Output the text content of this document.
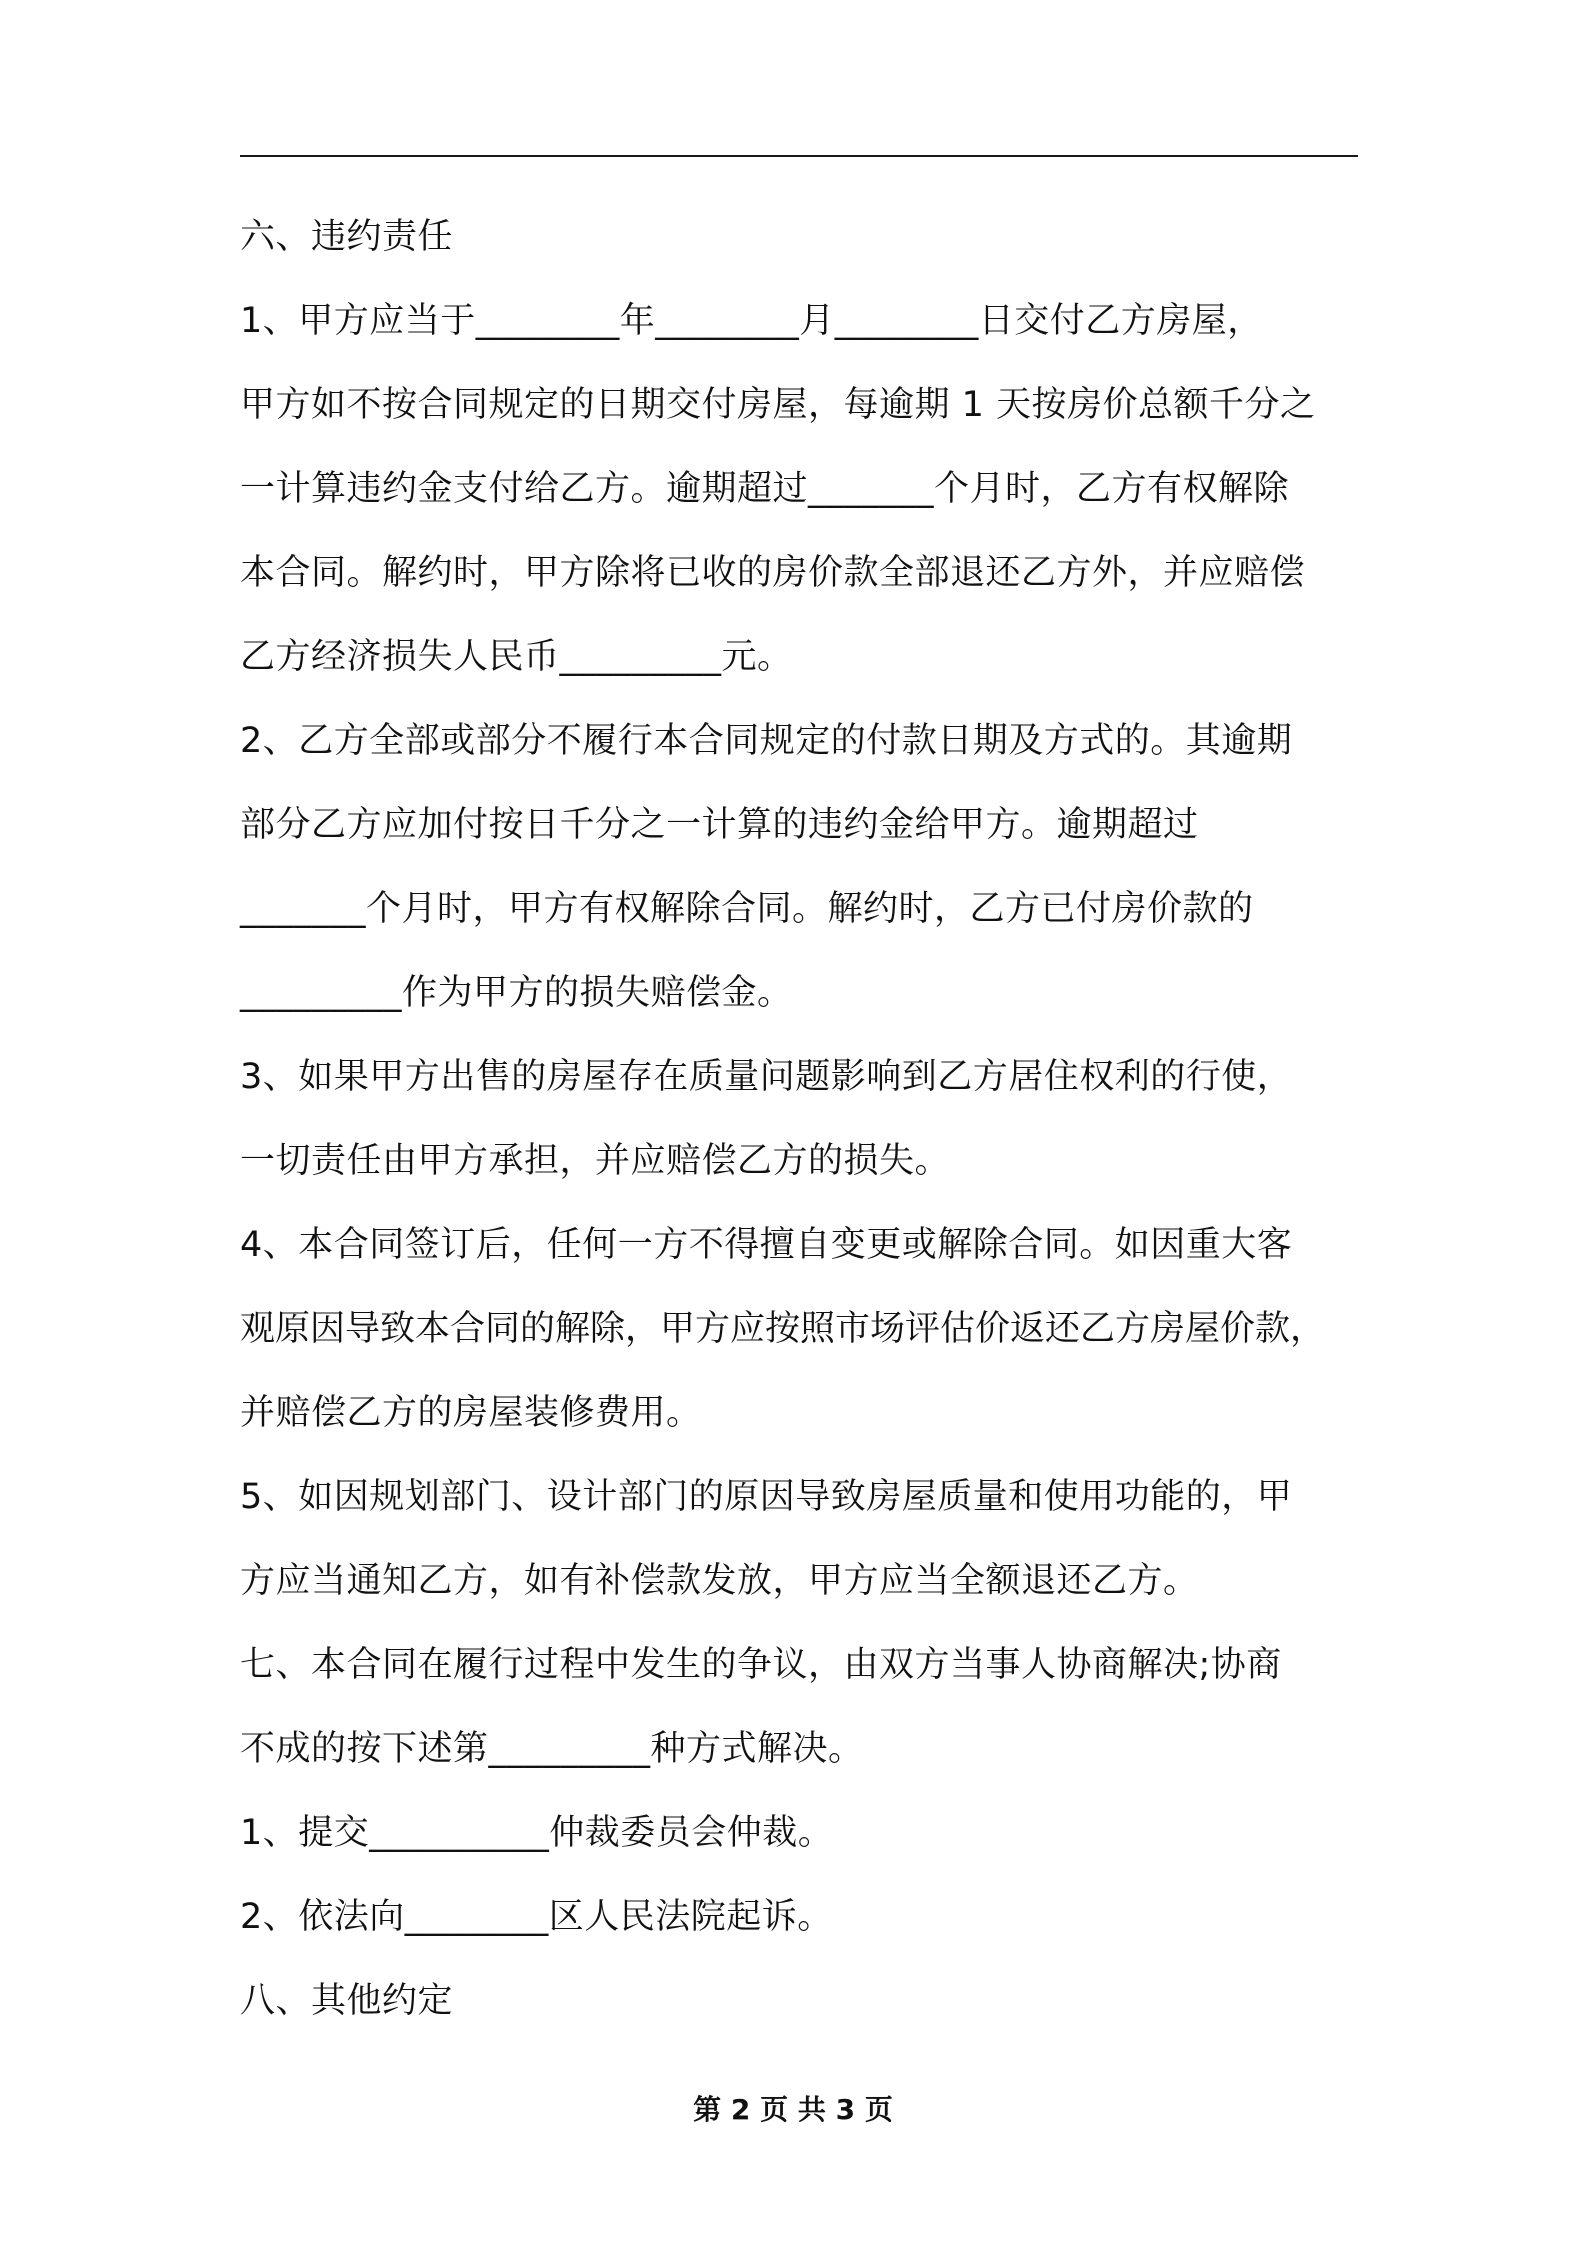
六、违约责任
1、甲方应当于________年________月________日交付乙方房屋，
甲方如不按合同规定的日期交付房屋，每逾期 1 天按房价总额千分之
一计算违约金支付给乙方。逾期超过_______个月时，乙方有权解除
本合同。解约时，甲方除将已收的房价款全部退还乙方外，并应赔偿
乙方经济损失人民币_________元。
2、乙方全部或部分不履行本合同规定的付款日期及方式的。其逾期
部分乙方应加付按日千分之一计算的违约金给甲方。逾期超过
_______个月时，甲方有权解除合同。解约时，乙方已付房价款的
_________作为甲方的损失赔偿金。
3、如果甲方出售的房屋存在质量问题影响到乙方居住权利的行使，
一切责任由甲方承担，并应赔偿乙方的损失。
4、本合同签订后，任何一方不得擅自变更或解除合同。如因重大客
观原因导致本合同的解除，甲方应按照市场评估价返还乙方房屋价款，
并赔偿乙方的房屋装修费用。
5、如因规划部门、设计部门的原因导致房屋质量和使用功能的，甲
方应当通知乙方，如有补偿款发放，甲方应当全额退还乙方。
七、本合同在履行过程中发生的争议，由双方当事人协商解决;协商
不成的按下述第_________种方式解决。
1、提交__________仲裁委员会仲裁。
2、依法向________区人民法院起诉。
八、其他约定
第 2 页 共 3 页
